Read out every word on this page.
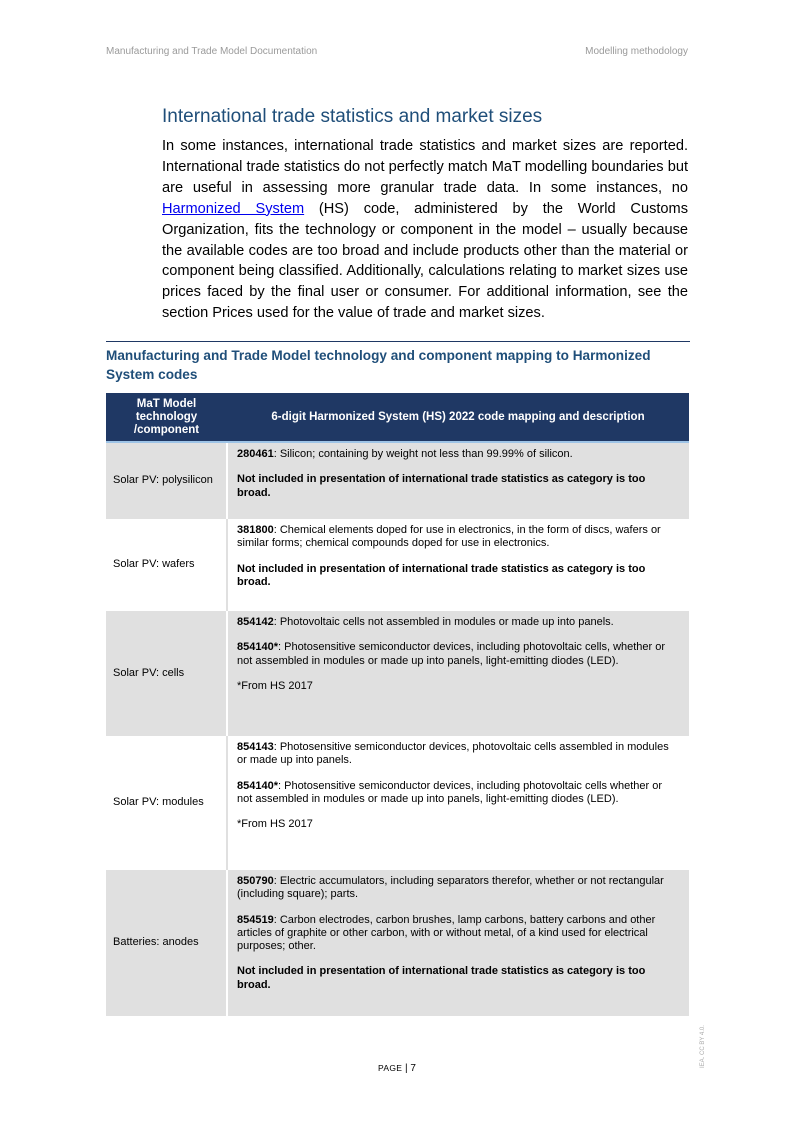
Manufacturing and Trade Model Documentation	Modelling methodology
International trade statistics and market sizes
In some instances, international trade statistics and market sizes are reported. International trade statistics do not perfectly match MaT modelling boundaries but are useful in assessing more granular trade data. In some instances, no Harmonized System (HS) code, administered by the World Customs Organization, fits the technology or component in the model – usually because the available codes are too broad and include products other than the material or component being classified. Additionally, calculations relating to market sizes use prices faced by the final user or consumer. For additional information, see the section Prices used for the value of trade and market sizes.
Manufacturing and Trade Model technology and component mapping to Harmonized System codes
MaT Model technology /component	6-digit Harmonized System (HS) 2022 code mapping and description
Solar PV: polysilicon	280461: Silicon; containing by weight not less than 99.99% of silicon.

Not included in presentation of international trade statistics as category is too broad.

Solar PV: wafers	381800: Chemical elements doped for use in electronics, in the form of discs, wafers or similar forms; chemical compounds doped for use in electronics.

Not included in presentation of international trade statistics as category is too broad.

Solar PV: cells	854142: Photovoltaic cells not assembled in modules or made up into panels.

854140*: Photosensitive semiconductor devices, including photovoltaic cells, whether or not assembled in modules or made up into panels, light-emitting diodes (LED).

*From HS 2017

Solar PV: modules	854143: Photosensitive semiconductor devices, photovoltaic cells assembled in modules or made up into panels.

854140*: Photosensitive semiconductor devices, including photovoltaic cells whether or not assembled in modules or made up into panels, light-emitting diodes (LED).

*From HS 2017

Batteries: anodes	850790: Electric accumulators, including separators therefor, whether or not rectangular (including square); parts.

854519: Carbon electrodes, carbon brushes, lamp carbons, battery carbons and other articles of graphite or other carbon, with or without metal, of a kind used for electrical purposes; other.

Not included in presentation of international trade statistics as category is too broad.

PAGE | 7
IEA. CC BY 4.0.
